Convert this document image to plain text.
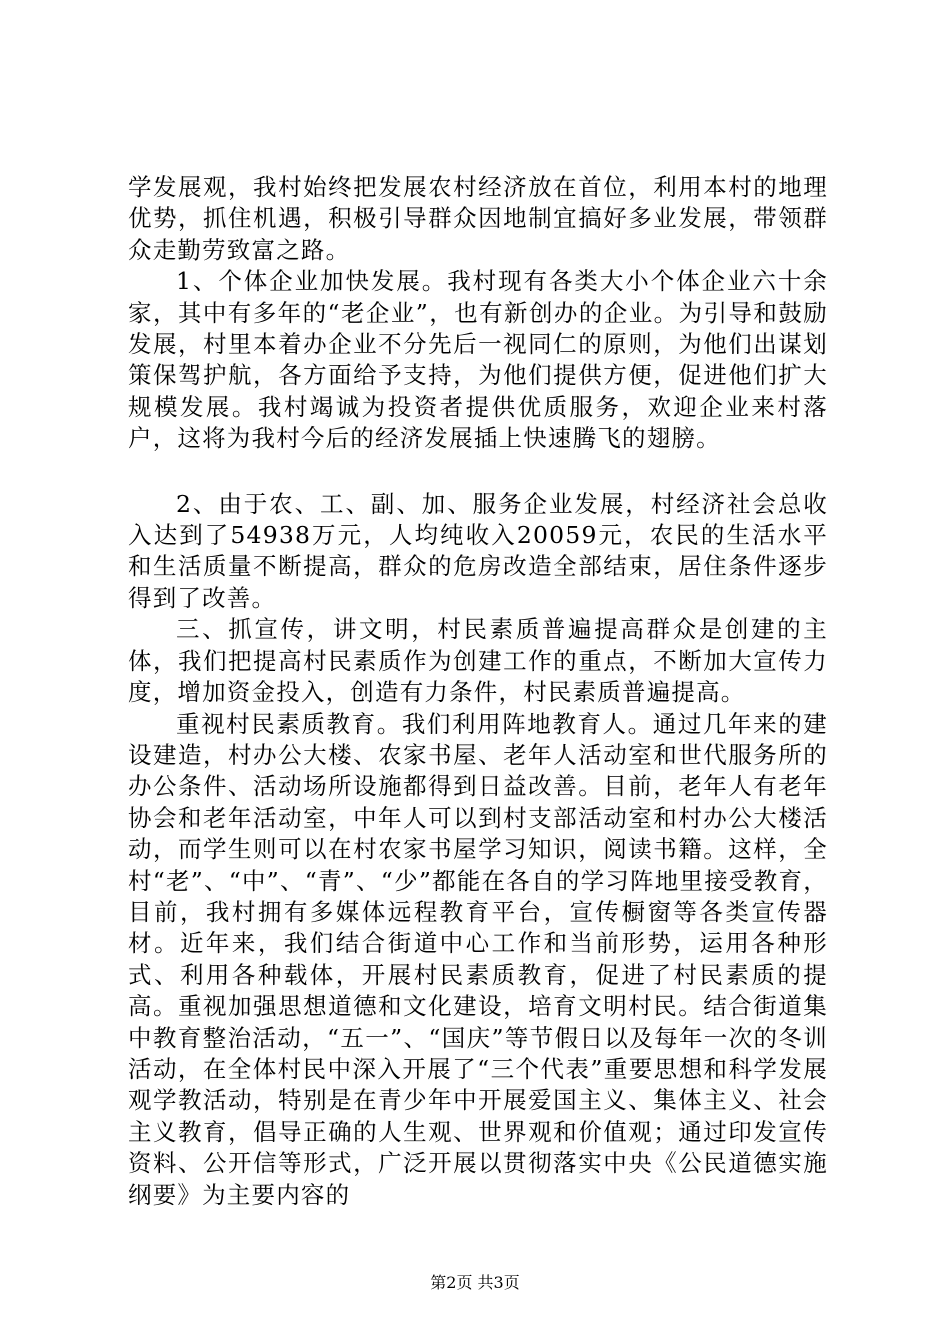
学发展观，我村始终把发展农村经济放在首位，利用本村的地理优势，抓住机遇，积极引导群众因地制宜搞好多业发展，带领群众走勤劳致富之路。

1、个体企业加快发展。我村现有各类大小个体企业六十余家，其中有多年的“老企业”，也有新创办的企业。为引导和鼓励发展，村里本着办企业不分先后一视同仁的原则，为他们出谋划策保驾护航，各方面给予支持，为他们提供方便，促进他们扩大规模发展。我村竭诚为投资者提供优质服务，欢迎企业来村落户，这将为我村今后的经济发展插上快速腾飞的翅膀。

2、由于农、工、副、加、服务企业发展，村经济社会总收入达到了54938万元，人均纯收入20059元，农民的生活水平和生活质量不断提高，群众的危房改造全部结束，居住条件逐步得到了改善。

三、抓宣传，讲文明，村民素质普遍提高群众是创建的主体，我们把提高村民素质作为创建工作的重点，不断加大宣传力度，增加资金投入，创造有力条件，村民素质普遍提高。

重视村民素质教育。我们利用阵地教育人。通过几年来的建设建造，村办公大楼、农家书屋、老年人活动室和世代服务所的办公条件、活动场所设施都得到日益改善。目前，老年人有老年协会和老年活动室，中年人可以到村支部活动室和村办公大楼活动，而学生则可以在村农家书屋学习知识，阅读书籍。这样，全村“老”、“中”、“青”、“少”都能在各自的学习阵地里接受教育，目前，我村拥有多媒体远程教育平台，宣传橱窗等各类宣传器材。近年来，我们结合街道中心工作和当前形势，运用各种形式、利用各种载体，开展村民素质教育，促进了村民素质的提高。重视加强思想道德和文化建设，培育文明村民。结合街道集中教育整治活动，“五一”、“国庆”等节假日以及每年一次的冬训活动，在全体村民中深入开展了“三个代表”重要思想和科学发展观学教活动，特别是在青少年中开展爱国主义、集体主义、社会主义教育，倡导正确的人生观、世界观和价值观；通过印发宣传资料、公开信等形式，广泛开展以贯彻落实中央《公民道德实施纲要》为主要内容的

第2页 共3页
